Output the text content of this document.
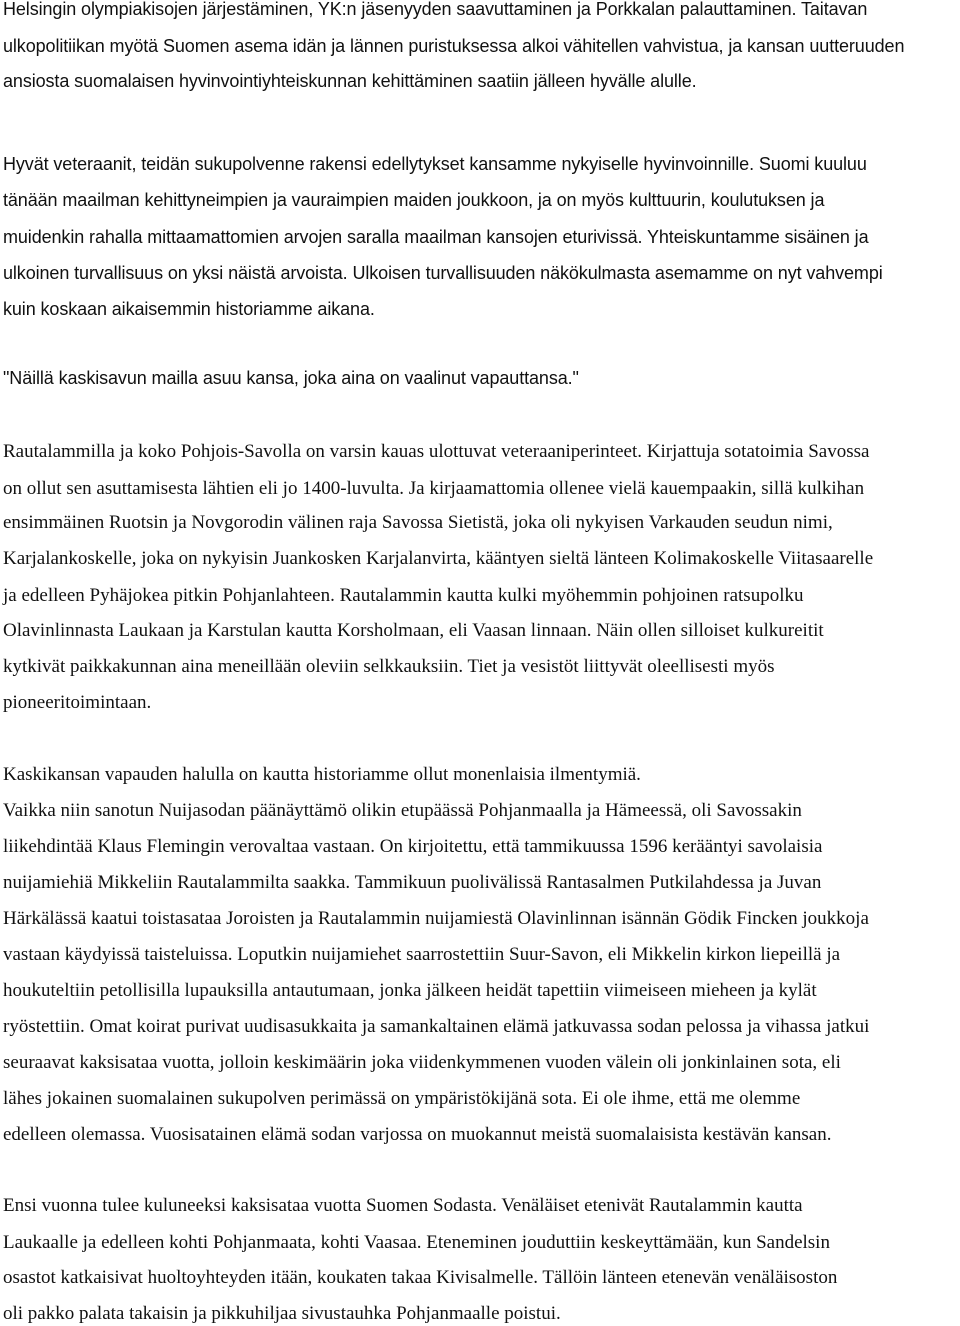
Helsingin olympiakisojen järjestäminen, YK:n jäsenyyden saavuttaminen ja Porkkalan palauttaminen. Taitavan

ulkopolitiikan myötä Suomen asema idän ja lännen puristuksessa alkoi vähitellen vahvistua, ja kansan uutteruuden

ansiosta suomalaisen hyvinvointiyhteiskunnan kehittäminen saatiin jälleen hyvälle alulle.

Hyvät veteraanit, teidän sukupolvenne rakensi edellytykset kansamme nykyiselle hyvinvoinnille. Suomi kuuluu

tänään maailman kehittyneimpien ja vauraimpien maiden joukkoon, ja on myös kulttuurin, koulutuksen ja

muidenkin rahalla mittaamattomien arvojen saralla maailman kansojen eturivissä. Yhteiskuntamme sisäinen ja

ulkoinen turvallisuus on yksi näistä arvoista. Ulkoisen turvallisuuden näkökulmasta asemamme on nyt vahvempi

kuin koskaan aikaisemmin historiamme aikana.

"Näillä kaskisavun mailla asuu kansa, joka aina on vaalinut vapauttansa."

Rautalammilla ja koko Pohjois-Savolla on varsin kauas ulottuvat veteraaniperinteet. Kirjattuja sotatoimia Savossa

on ollut sen asuttamisesta lähtien eli jo 1400-luvulta. Ja kirjaamattomia ollenee vielä kauempaakin, sillä kulkihan

ensimmäinen Ruotsin ja Novgorodin välinen raja Savossa Sietistä, joka oli nykyisen Varkauden seudun nimi,

Karjalankoskelle, joka on nykyisin Juankosken Karjalanvirta, kääntyen sieltä länteen Kolimakoskelle Viitasaarelle

ja edelleen Pyhäjokea pitkin Pohjanlahteen. Rautalammin kautta kulki myöhemmin pohjoinen ratsupolku

Olavinlinnasta Laukaan ja Karstulan kautta Korsholmaan, eli Vaasan linnaan. Näin ollen silloiset kulkureitit

kytkivät paikkakunnan aina meneillään oleviin selkkauksiin. Tiet ja vesistöt liittyvät oleellisesti myös

pioneeritoimintaan.

Kaskikansan vapauden halulla on kautta historiamme ollut monenlaisia ilmentymiä.

Vaikka niin sanotun Nuijasodan päänäyttämö olikin etupäässä Pohjanmaalla ja Hämeessä, oli Savossakin

liikehdintää Klaus Flemingin verovaltaa vastaan. On kirjoitettu, että tammikuussa 1596 kerääntyi savolaisia

nuijamiehiä Mikkeliin Rautalammilta saakka. Tammikuun puolivälissä Rantasalmen Putkilahdessa ja Juvan

Härkälässä kaatui toistasataa Joroisten ja Rautalammin nuijamiestä Olavinlinnan isännän Gödik Fincken joukkoja

vastaan käydyissä taisteluissa. Loputkin nuijamiehet saarrostettiin Suur-Savon, eli Mikkelin kirkon liepeillä ja

houkuteltiin petollisilla lupauksilla antautumaan, jonka jälkeen heidät tapettiin viimeiseen mieheen ja kylät

ryöstettiin. Omat koirat purivat uudisasukkaita ja samankaltainen elämä jatkuvassa sodan pelossa ja vihassa jatkui

seuraavat kaksisataa vuotta, jolloin keskimäärin joka viidenkymmenen vuoden välein oli jonkinlainen sota, eli

lähes jokainen suomalainen sukupolven perimässä on ympäristökijänä sota. Ei ole ihme, että me olemme

edelleen olemassa. Vuosisatainen elämä sodan varjossa on muokannut meistä suomalaisista kestävän kansan.

Ensi vuonna tulee kuluneeksi kaksisataa vuotta Suomen Sodasta. Venäläiset etenivät Rautalammin kautta

Laukaalle ja edelleen kohti Pohjanmaata, kohti Vaasaa. Eteneminen jouduttiin keskeyttämään, kun Sandelsin

osastot katkaisivat huoltoyhteyden itään, koukaten takaa Kivisalmelle. Tällöin länteen etenevän venäläisoston

oli pakko palata takaisin ja pikkuhiljaa sivustauhka Pohjanmaalle poistui.
